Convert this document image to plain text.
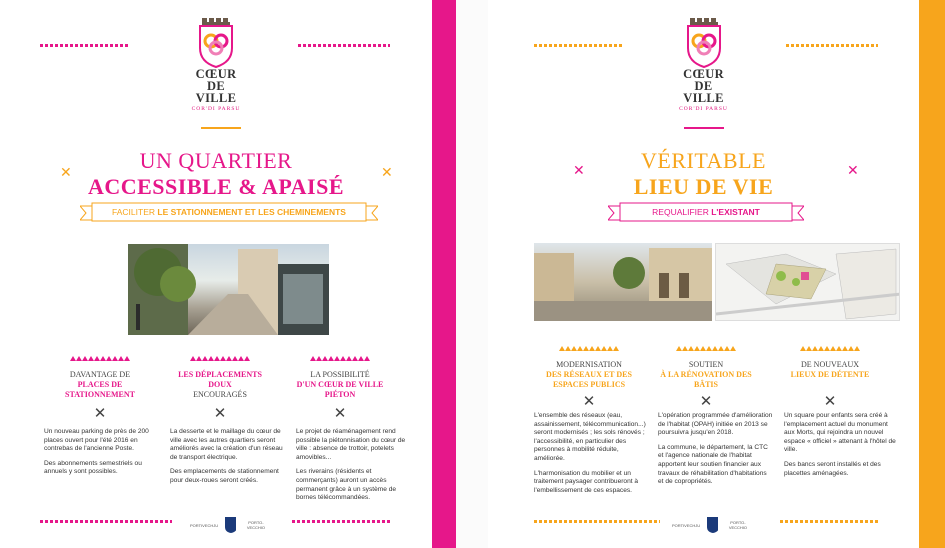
CŒUR
DE VILLE
COR'DI PARSU
UN QUARTIER
ACCESSIBLE & APAISÉ
✕	✕
FACILITER LE STATIONNEMENT ET LES CHEMINEMENTS
DAVANTAGE DE
PLACES DE STATIONNEMENT
✕
LES DÉPLACEMENTS DOUX
ENCOURAGÉS
✕
LA POSSIBILITÉ
D'UN CŒUR DE VILLE PIÉTON
✕

Un nouveau parking de près de 200 places ouvert pour l'été 2016 en contrebas de l'ancienne Poste.

Des abonnements semestriels ou annuels y sont possibles.

La desserte et le maillage du cœur de ville avec les autres quartiers seront améliorés avec la création d'un réseau de transport électrique.

Des emplacements de stationnement pour deux-roues seront créés.

Le projet de réaménagement rend possible la piétonnisation du cœur de ville : absence de trottoir, potelets amovibles...

Les riverains (résidents et commerçants) auront un accès permanent grâce à un système de bornes télécommandées.

PORTIVECHJU	PORTO-VECCHIO
CŒUR
DE VILLE
COR'DI PARSU
VÉRITABLE
LIEU DE VIE
✕	✕
REQUALIFIER L'EXISTANT
MODERNISATION
DES RÉSEAUX ET DES ESPACES PUBLICS
✕
SOUTIEN
À LA RÉNOVATION DES BÂTIS
✕
DE NOUVEAUX
LIEUX DE DÉTENTE
✕

L'ensemble des réseaux (eau, assainissement, télécommunication...) seront modernisés ; les sols rénovés ; l'accessibilité, en particulier des personnes à mobilité réduite, améliorée.

L'harmonisation du mobilier et un traitement paysager contribueront à l'embellissement de ces espaces.

L'opération programmée d'amélioration de l'habitat (OPAH) initiée en 2013 se poursuivra jusqu'en 2018.

La commune, le département, la CTC et l'agence nationale de l'habitat apportent leur soutien financier aux travaux de réhabilitation d'habitations et de copropriétés.

Un square pour enfants sera créé à l'emplacement actuel du monument aux Morts, qui rejoindra un nouvel espace « officiel » attenant à l'hôtel de ville.

Des bancs seront installés et des placettes aménagées.

PORTIVECHJU	PORTO-VECCHIO
